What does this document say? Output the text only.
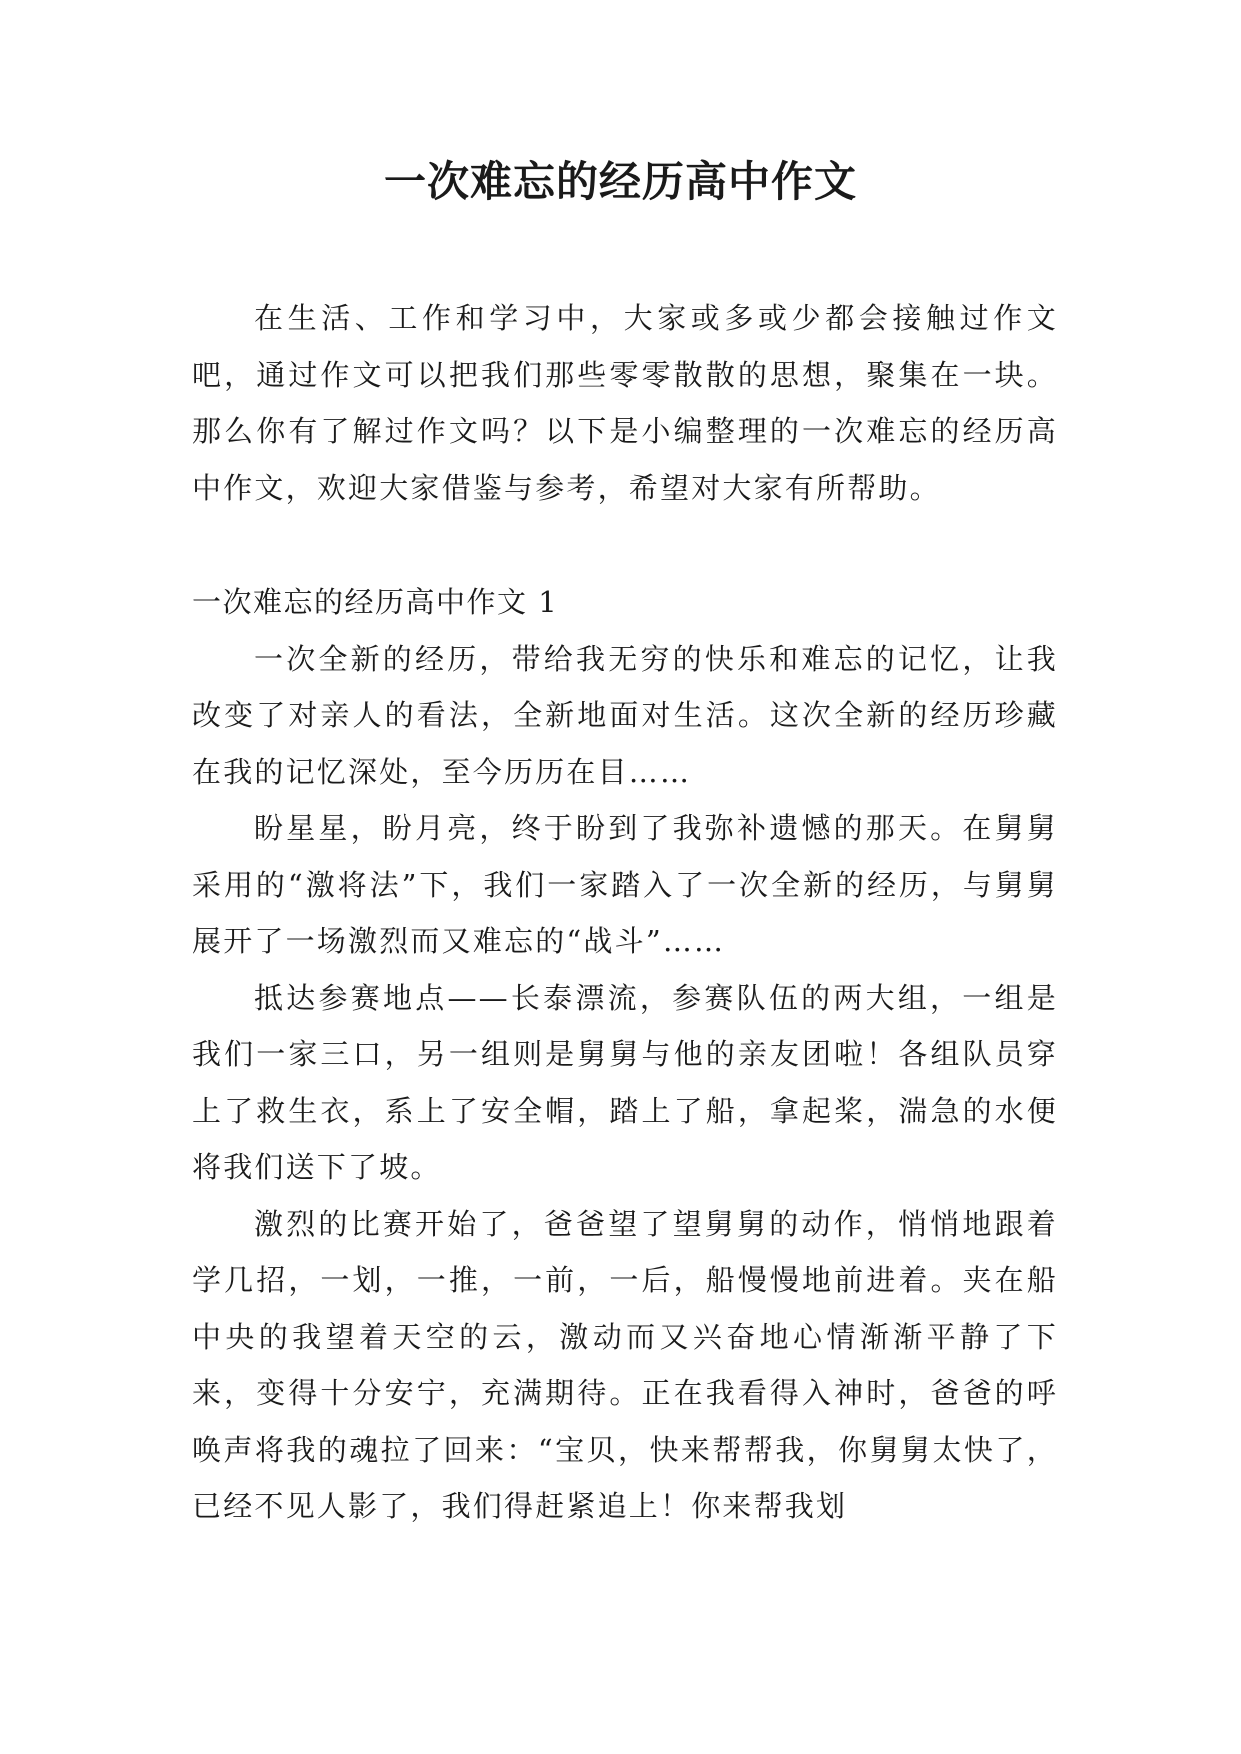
一次难忘的经历高中作文

在生活、工作和学习中，大家或多或少都会接触过作文吧，通过作文可以把我们那些零零散散的思想，聚集在一块。那么你有了解过作文吗？以下是小编整理的一次难忘的经历高中作文，欢迎大家借鉴与参考，希望对大家有所帮助。

一次难忘的经历高中作文 1

一次全新的经历，带给我无穷的快乐和难忘的记忆，让我改变了对亲人的看法，全新地面对生活。这次全新的经历珍藏在我的记忆深处，至今历历在目……

盼星星，盼月亮，终于盼到了我弥补遗憾的那天。在舅舅采用的“激将法”下，我们一家踏入了一次全新的经历，与舅舅展开了一场激烈而又难忘的“战斗”……

抵达参赛地点——长泰漂流，参赛队伍的两大组，一组是我们一家三口，另一组则是舅舅与他的亲友团啦！各组队员穿上了救生衣，系上了安全帽，踏上了船，拿起桨，湍急的水便将我们送下了坡。

激烈的比赛开始了，爸爸望了望舅舅的动作，悄悄地跟着学几招，一划，一推，一前，一后，船慢慢地前进着。夹在船中央的我望着天空的云，激动而又兴奋地心情渐渐平静了下来，变得十分安宁，充满期待。正在我看得入神时，爸爸的呼唤声将我的魂拉了回来：“宝贝，快来帮帮我，你舅舅太快了，已经不见人影了，我们得赶紧追上！你来帮我划
